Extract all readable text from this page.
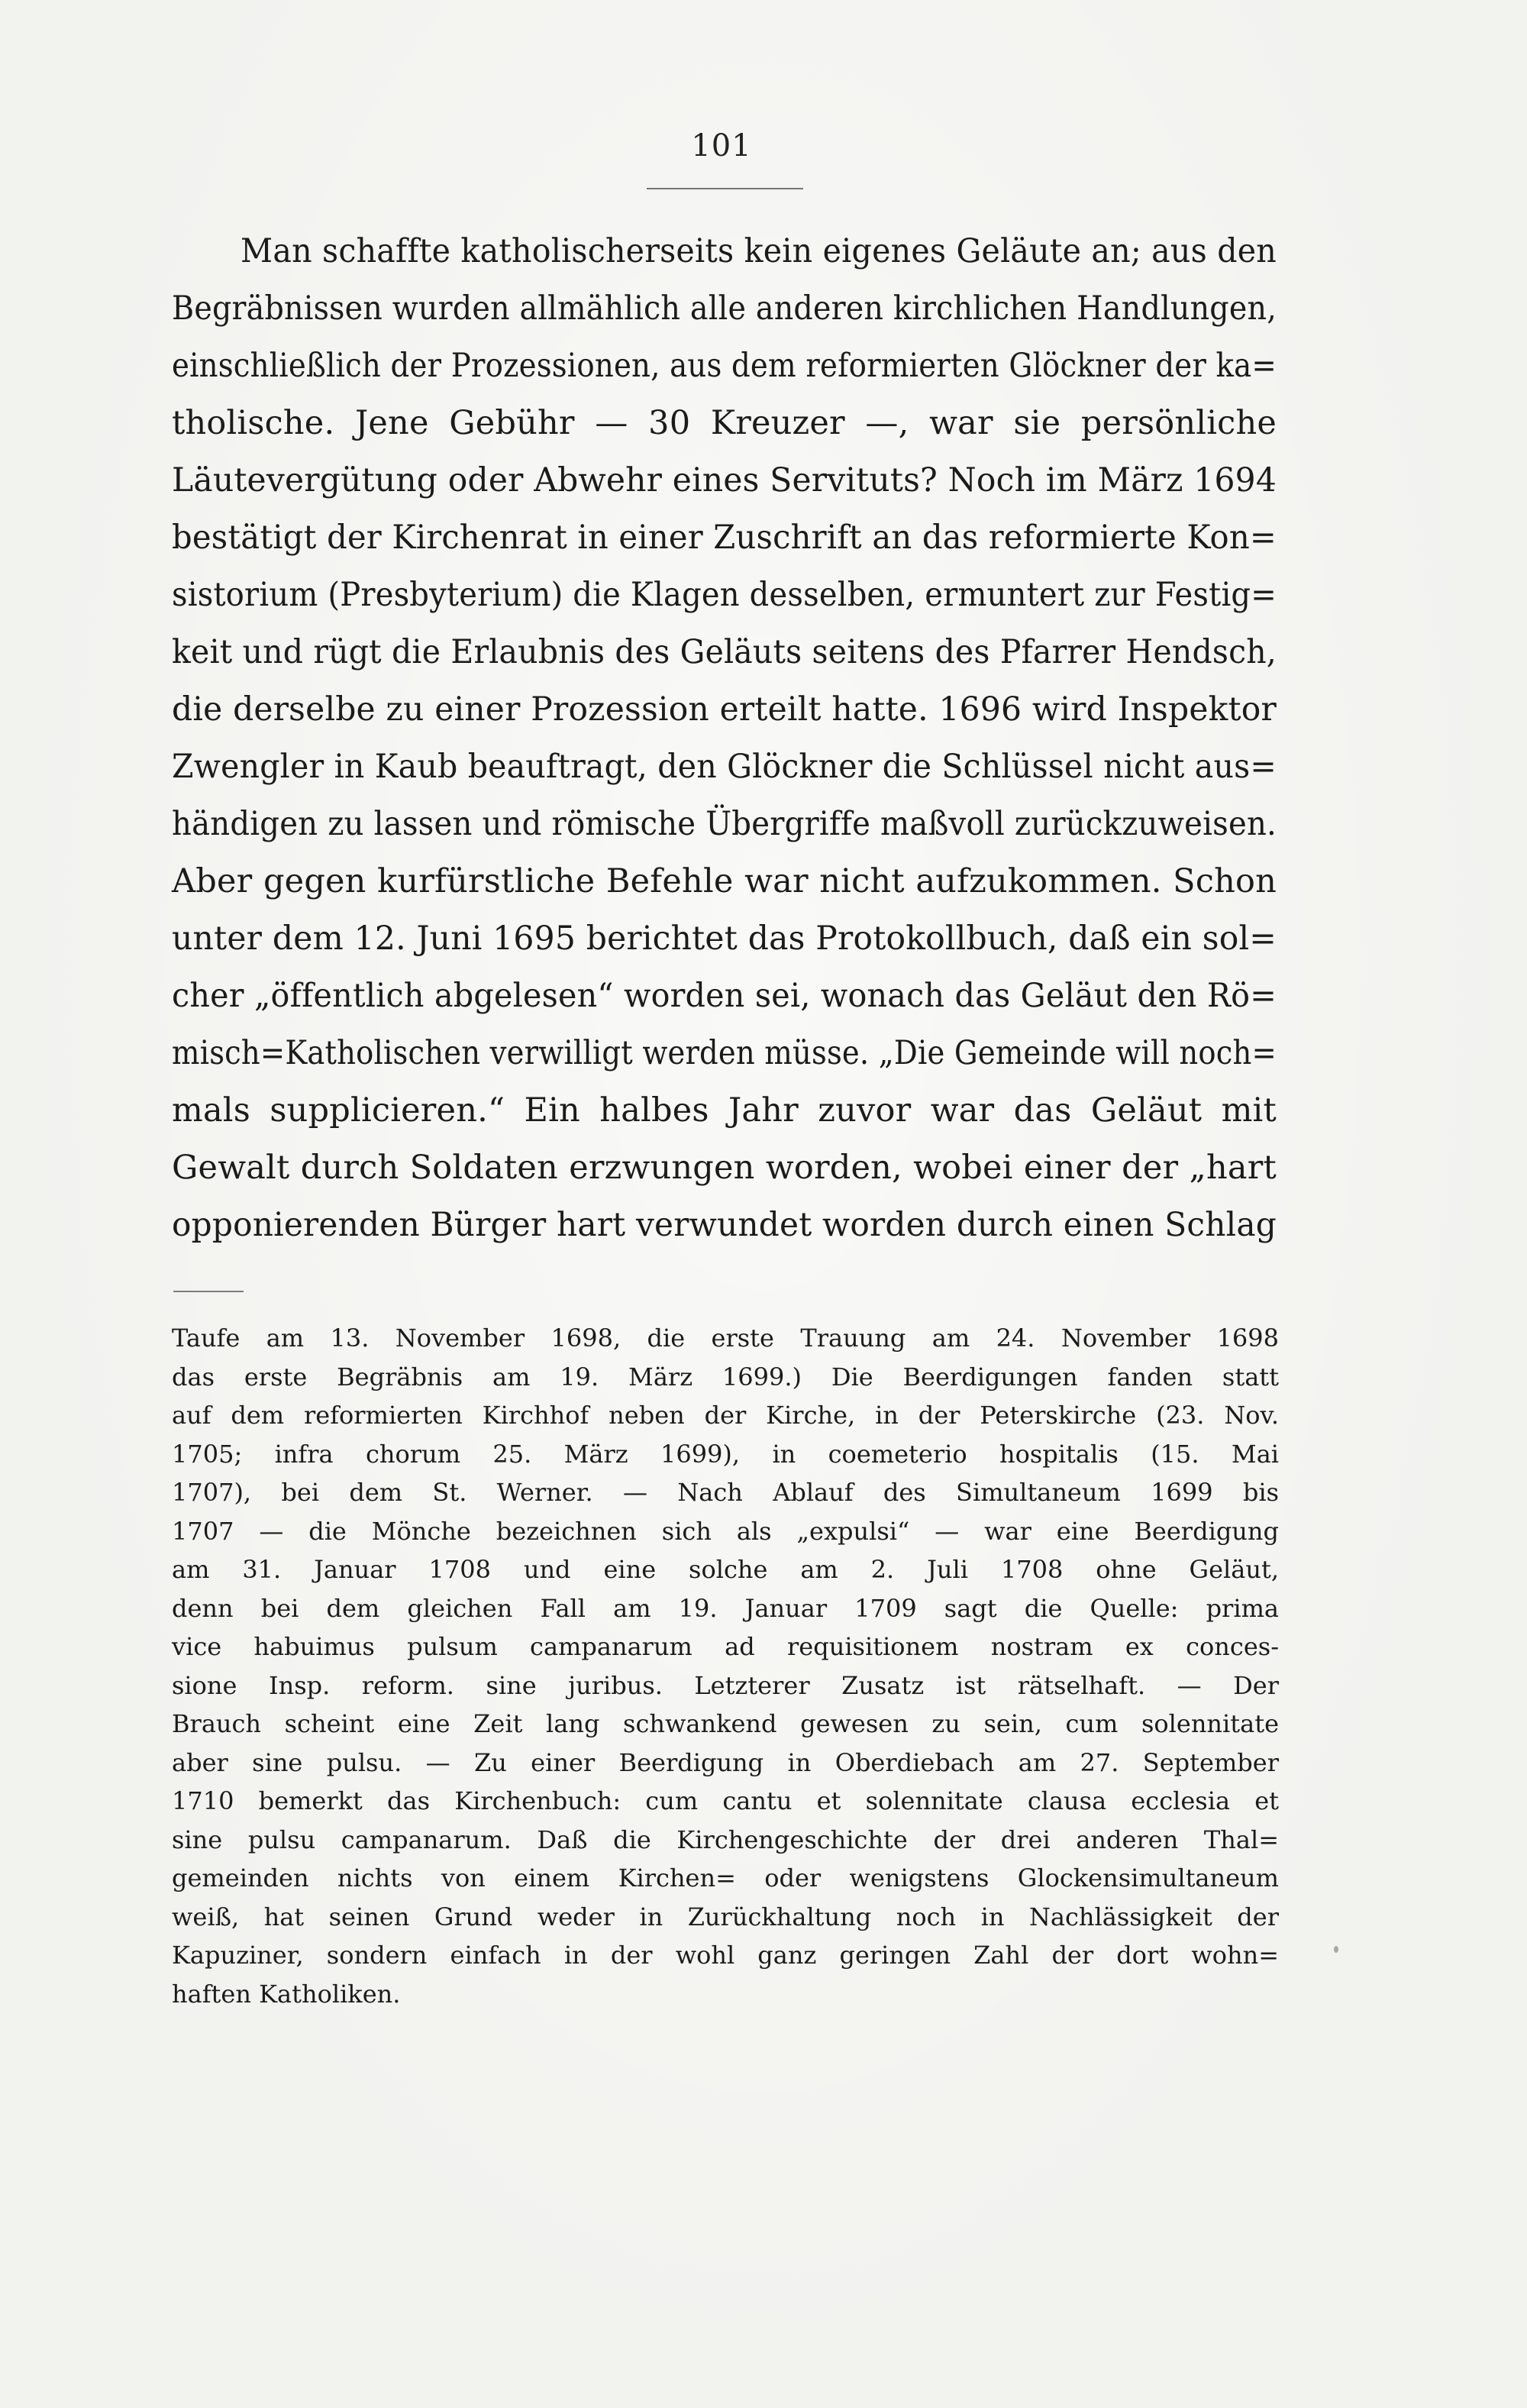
101
Man schaffte katholischerseits kein eigenes Geläute an; aus den
Begräbnissen wurden allmählich alle anderen kirchlichen Handlungen,
einschließlich der Prozessionen, aus dem reformierten Glöckner der ka=
tholische. Jene Gebühr — 30 Kreuzer —, war sie persönliche
Läutevergütung oder Abwehr eines Servituts? Noch im März 1694
bestätigt der Kirchenrat in einer Zuschrift an das reformierte Kon=
sistorium (Presbyterium) die Klagen desselben, ermuntert zur Festig=
keit und rügt die Erlaubnis des Geläuts seitens des Pfarrer Hendsch,
die derselbe zu einer Prozession erteilt hatte. 1696 wird Inspektor
Zwengler in Kaub beauftragt, den Glöckner die Schlüssel nicht aus=
händigen zu lassen und römische Übergriffe maßvoll zurückzuweisen.
Aber gegen kurfürstliche Befehle war nicht aufzukommen. Schon
unter dem 12. Juni 1695 berichtet das Protokollbuch, daß ein sol=
cher „öffentlich abgelesen“ worden sei, wonach das Geläut den Rö=
misch=Katholischen verwilligt werden müsse. „Die Gemeinde will noch=
mals supplicieren.“ Ein halbes Jahr zuvor war das Geläut mit
Gewalt durch Soldaten erzwungen worden, wobei einer der „hart
opponierenden Bürger hart verwundet worden durch einen Schlag
Taufe am 13. November 1698, die erste Trauung am 24. November 1698
das erste Begräbnis am 19. März 1699.) Die Beerdigungen fanden statt
auf dem reformierten Kirchhof neben der Kirche, in der Peterskirche (23. Nov.
1705; infra chorum 25. März 1699), in coemeterio hospitalis (15. Mai
1707), bei dem St. Werner. — Nach Ablauf des Simultaneum 1699 bis
1707 — die Mönche bezeichnen sich als „expulsi“ — war eine Beerdigung
am 31. Januar 1708 und eine solche am 2. Juli 1708 ohne Geläut,
denn bei dem gleichen Fall am 19. Januar 1709 sagt die Quelle: prima
vice habuimus pulsum campanarum ad requisitionem nostram ex conces-
sione Insp. reform. sine juribus. Letzterer Zusatz ist rätselhaft. — Der
Brauch scheint eine Zeit lang schwankend gewesen zu sein, cum solennitate
aber sine pulsu. — Zu einer Beerdigung in Oberdiebach am 27. September
1710 bemerkt das Kirchenbuch: cum cantu et solennitate clausa ecclesia et
sine pulsu campanarum. Daß die Kirchengeschichte der drei anderen Thal=
gemeinden nichts von einem Kirchen= oder wenigstens Glockensimultaneum
weiß, hat seinen Grund weder in Zurückhaltung noch in Nachlässigkeit der
Kapuziner, sondern einfach in der wohl ganz geringen Zahl der dort wohn=
haften Katholiken.
